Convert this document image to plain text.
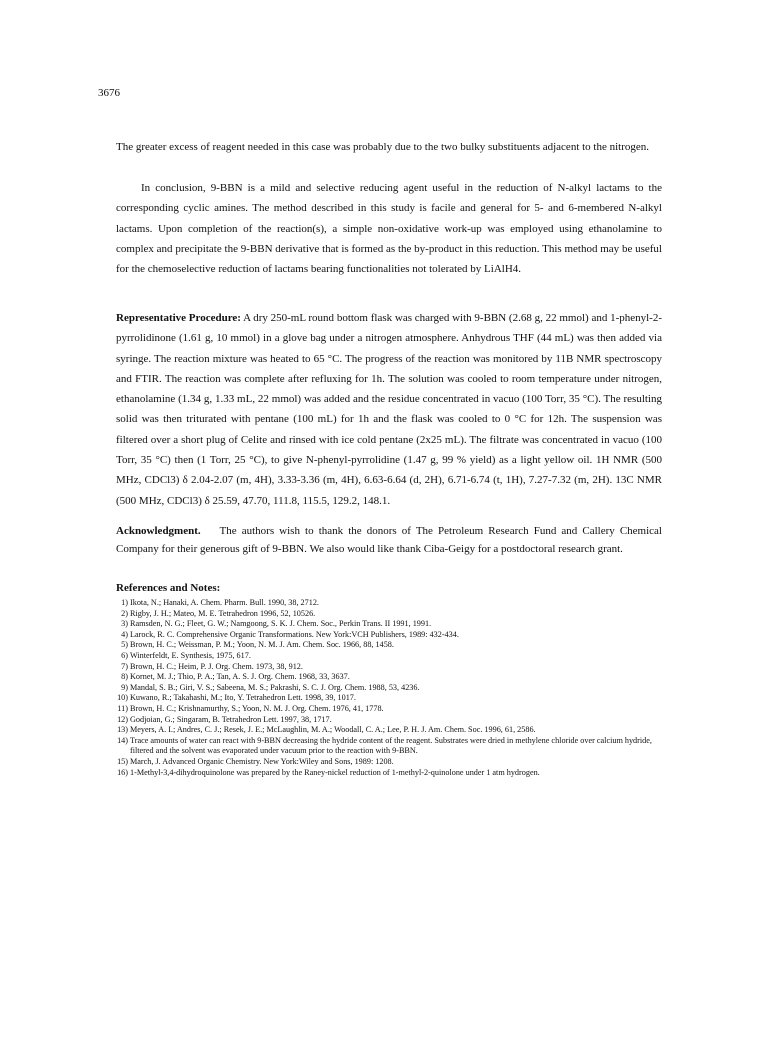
3676
The greater excess of reagent needed in this case was probably due to the two bulky substituents adjacent to the nitrogen.
In conclusion, 9-BBN is a mild and selective reducing agent useful in the reduction of N-alkyl lactams to the corresponding cyclic amines. The method described in this study is facile and general for 5- and 6-membered N-alkyl lactams. Upon completion of the reaction(s), a simple non-oxidative work-up was employed using ethanolamine to complex and precipitate the 9-BBN derivative that is formed as the by-product in this reduction. This method may be useful for the chemoselective reduction of lactams bearing functionalities not tolerated by LiAlH4.
Representative Procedure: A dry 250-mL round bottom flask was charged with 9-BBN (2.68 g, 22 mmol) and 1-phenyl-2-pyrrolidinone (1.61 g, 10 mmol) in a glove bag under a nitrogen atmosphere. Anhydrous THF (44 mL) was then added via syringe. The reaction mixture was heated to 65 °C. The progress of the reaction was monitored by 11B NMR spectroscopy and FTIR. The reaction was complete after refluxing for 1h. The solution was cooled to room temperature under nitrogen, ethanolamine (1.34 g, 1.33 mL, 22 mmol) was added and the residue concentrated in vacuo (100 Torr, 35 °C). The resulting solid was then triturated with pentane (100 mL) for 1h and the flask was cooled to 0 °C for 12h. The suspension was filtered over a short plug of Celite and rinsed with ice cold pentane (2x25 mL). The filtrate was concentrated in vacuo (100 Torr, 35 °C) then (1 Torr, 25 °C), to give N-phenyl-pyrrolidine (1.47 g, 99 % yield) as a light yellow oil. 1H NMR (500 MHz, CDCl3) δ 2.04-2.07 (m, 4H), 3.33-3.36 (m, 4H), 6.63-6.64 (d, 2H), 6.71-6.74 (t, 1H), 7.27-7.32 (m, 2H). 13C NMR (500 MHz, CDCl3) δ 25.59, 47.70, 111.8, 115.5, 129.2, 148.1.
Acknowledgment. The authors wish to thank the donors of The Petroleum Research Fund and Callery Chemical Company for their generous gift of 9-BBN. We also would like thank Ciba-Geigy for a postdoctoral research grant.
References and Notes:
1) Ikota, N.; Hanaki, A. Chem. Pharm. Bull. 1990, 38, 2712.
2) Rigby, J. H.; Mateo, M. E. Tetrahedron 1996, 52, 10526.
3) Ramsden, N. G.; Fleet, G. W.; Namgoong, S. K. J. Chem. Soc., Perkin Trans. II 1991, 1991.
4) Larock, R. C. Comprehensive Organic Transformations. New York:VCH Publishers, 1989: 432-434.
5) Brown, H. C.; Weissman, P. M.; Yoon, N. M. J. Am. Chem. Soc. 1966, 88, 1458.
6) Winterfeldt, E. Synthesis, 1975, 617.
7) Brown, H. C.; Heim, P. J. Org. Chem. 1973, 38, 912.
8) Kornet, M. J.; Thio, P. A.; Tan, A. S. J. Org. Chem. 1968, 33, 3637.
9) Mandal, S. B.; Giri, V. S.; Sabeena, M. S.; Pakrashi, S. C. J. Org. Chem. 1988, 53, 4236.
10) Kuwano, R.; Takahashi, M.; Ito, Y. Tetrahedron Lett. 1998, 39, 1017.
11) Brown, H. C.; Krishnamurthy, S.; Yoon, N. M. J. Org. Chem. 1976, 41, 1778.
12) Godjoian, G.; Singaram, B. Tetrahedron Lett. 1997, 38, 1717.
13) Meyers, A. I.; Andres, C. J.; Resek, J. E.; McLaughlin, M. A.; Woodall, C. A.; Lee, P. H. J. Am. Chem. Soc. 1996, 61, 2586.
14) Trace amounts of water can react with 9-BBN decreasing the hydride content of the reagent. Substrates were dried in methylene chloride over calcium hydride, filtered and the solvent was evaporated under vacuum prior to the reaction with 9-BBN.
15) March, J. Advanced Organic Chemistry. New York:Wiley and Sons, 1989: 1208.
16) 1-Methyl-3,4-dihydroquinolone was prepared by the Raney-nickel reduction of 1-methyl-2-quinolone under 1 atm hydrogen.
